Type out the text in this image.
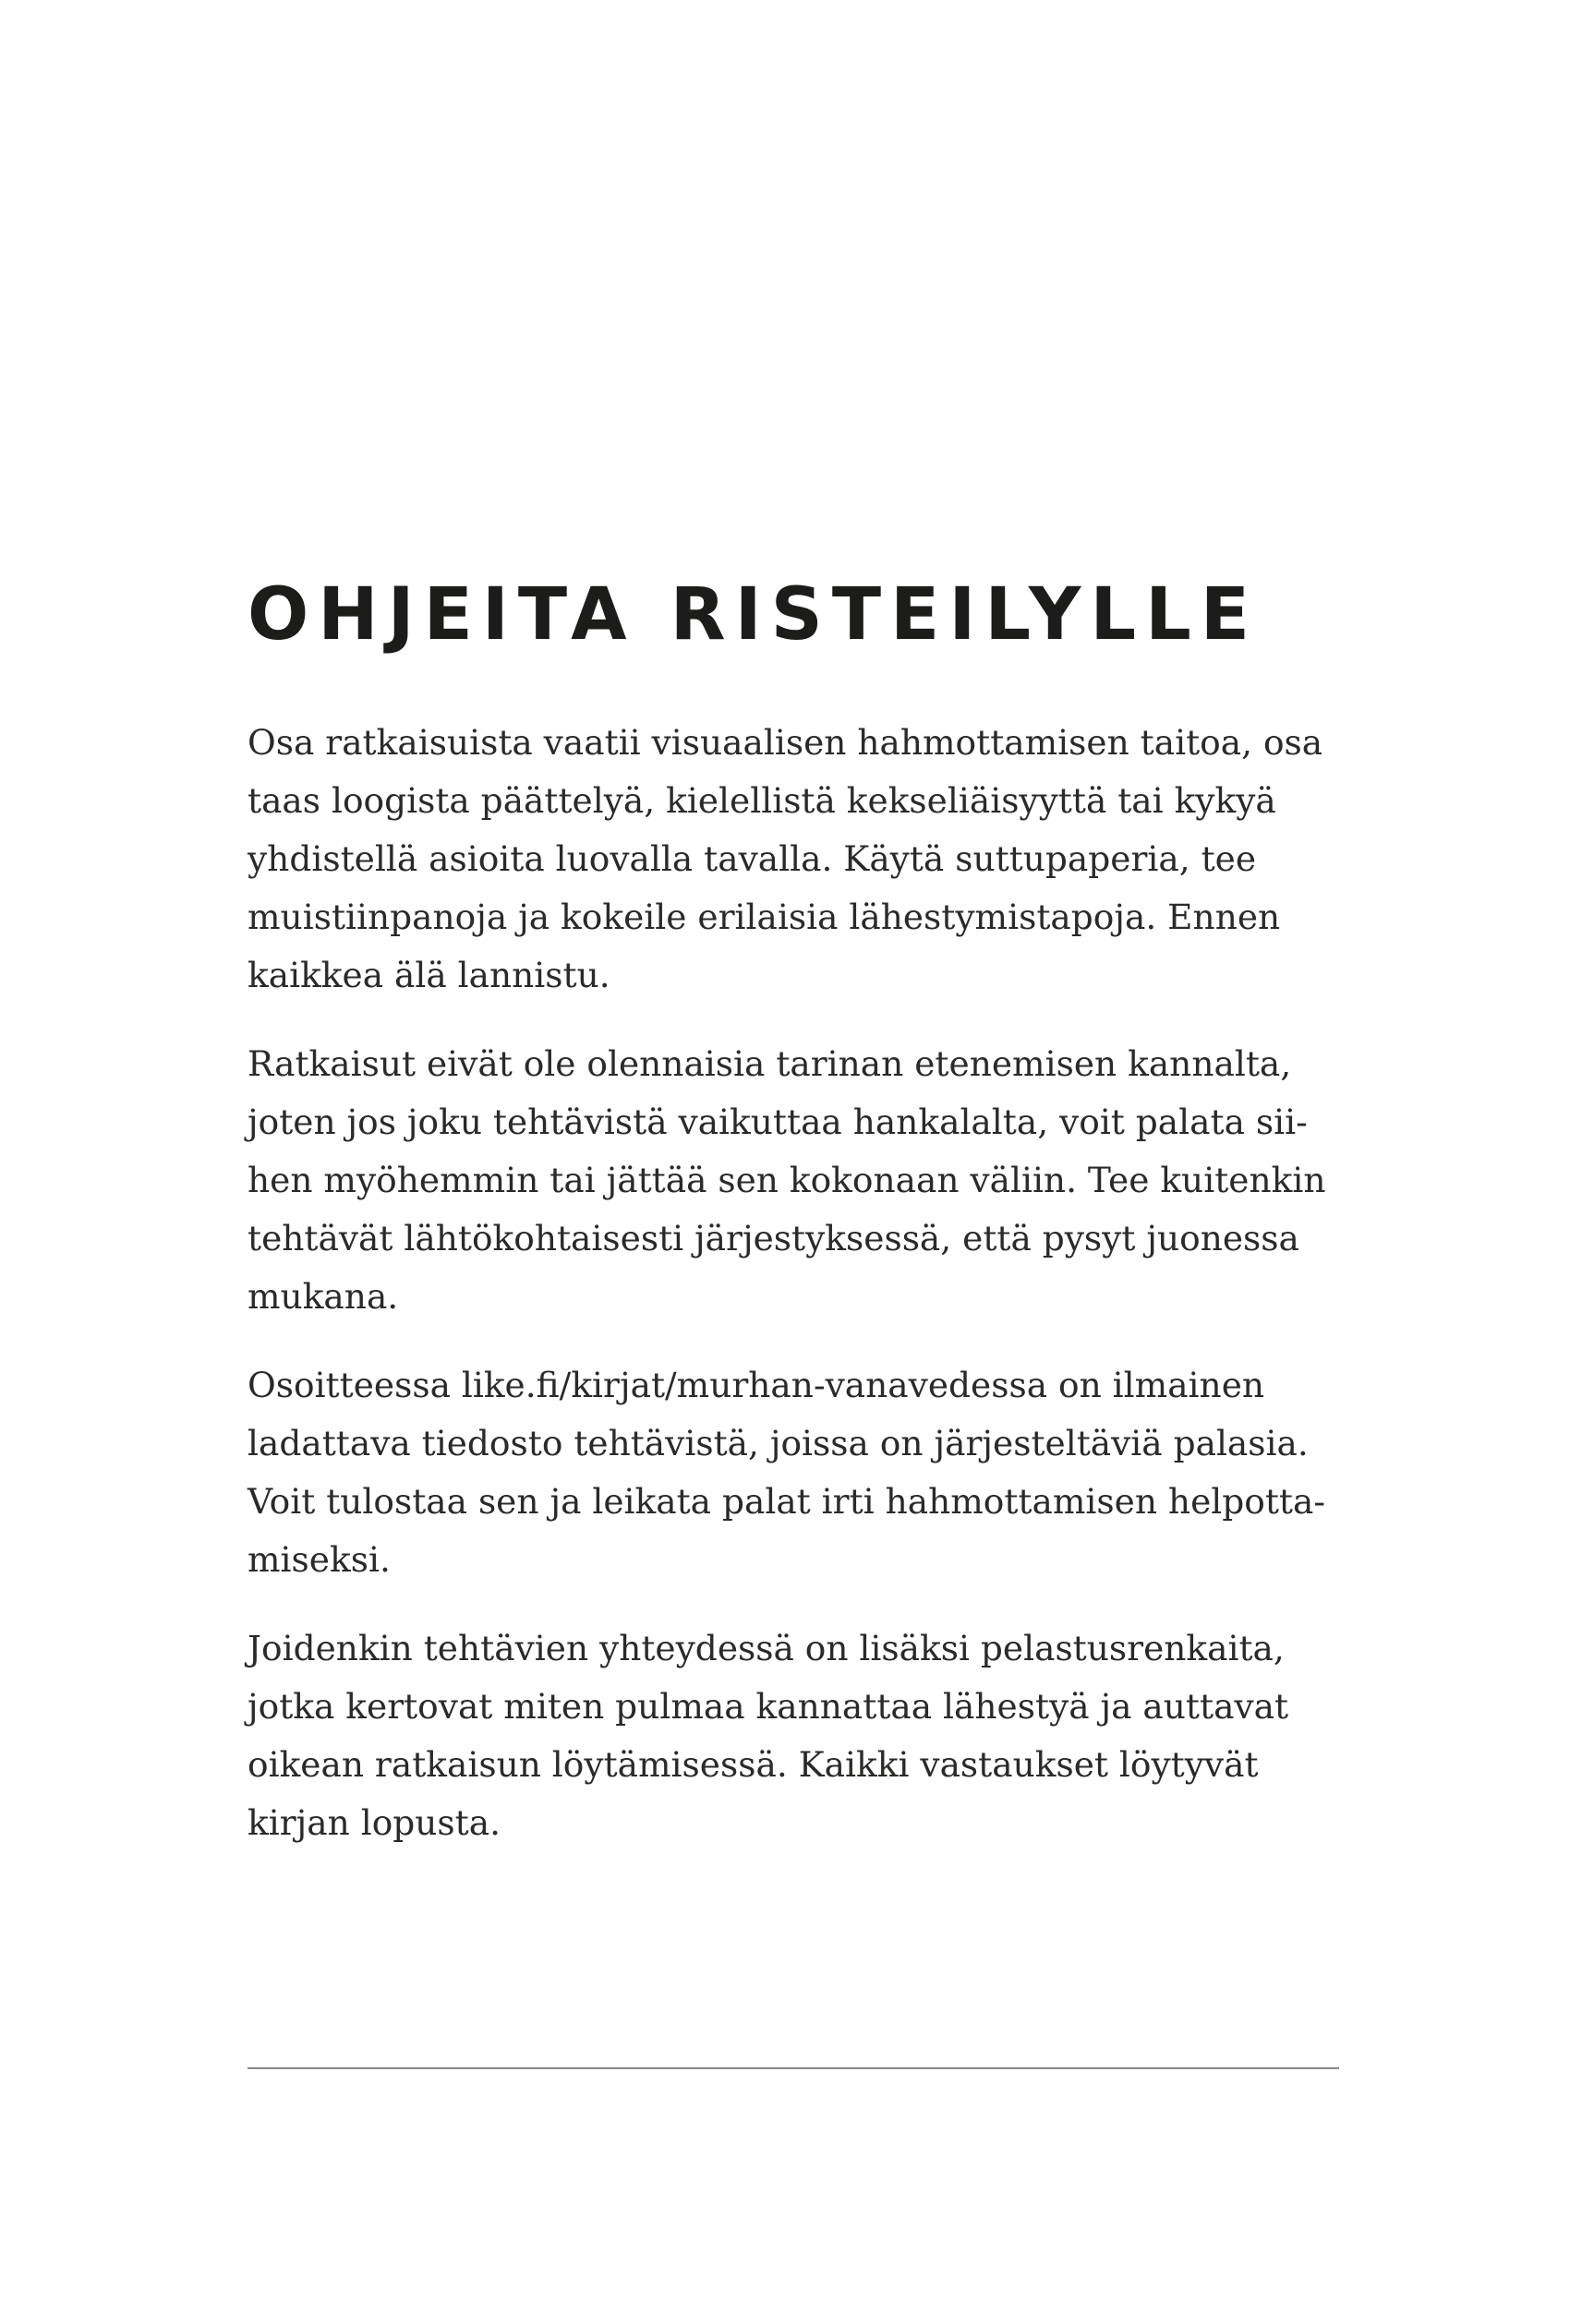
OHJEITA RISTEILYLLE
Osa ratkaisuista vaatii visuaalisen hahmottamisen taitoa, osa
taas loogista päättelyä, kielellistä kekseliäisyyttä tai kykyä
yhdistellä asioita luovalla tavalla. Käytä suttupaperia, tee
muistiinpanoja ja kokeile erilaisia lähestymistapoja. Ennen
kaikkea älä lannistu.
Ratkaisut eivät ole olennaisia tarinan etenemisen kannalta,
joten jos joku tehtävistä vaikuttaa hankalalta, voit palata sii-
hen myöhemmin tai jättää sen kokonaan väliin. Tee kuitenkin
tehtävät lähtökohtaisesti järjestyksessä, että pysyt juonessa
mukana.
Osoitteessa like.fi/kirjat/murhan-vanavedessa on ilmainen
ladattava tiedosto tehtävistä, joissa on järjesteltäviä palasia.
Voit tulostaa sen ja leikata palat irti hahmottamisen helpotta-
miseksi.
Joidenkin tehtävien yhteydessä on lisäksi pelastusrenkaita,
jotka kertovat miten pulmaa kannattaa lähestyä ja auttavat
oikean ratkaisun löytämisessä. Kaikki vastaukset löytyvät
kirjan lopusta.
